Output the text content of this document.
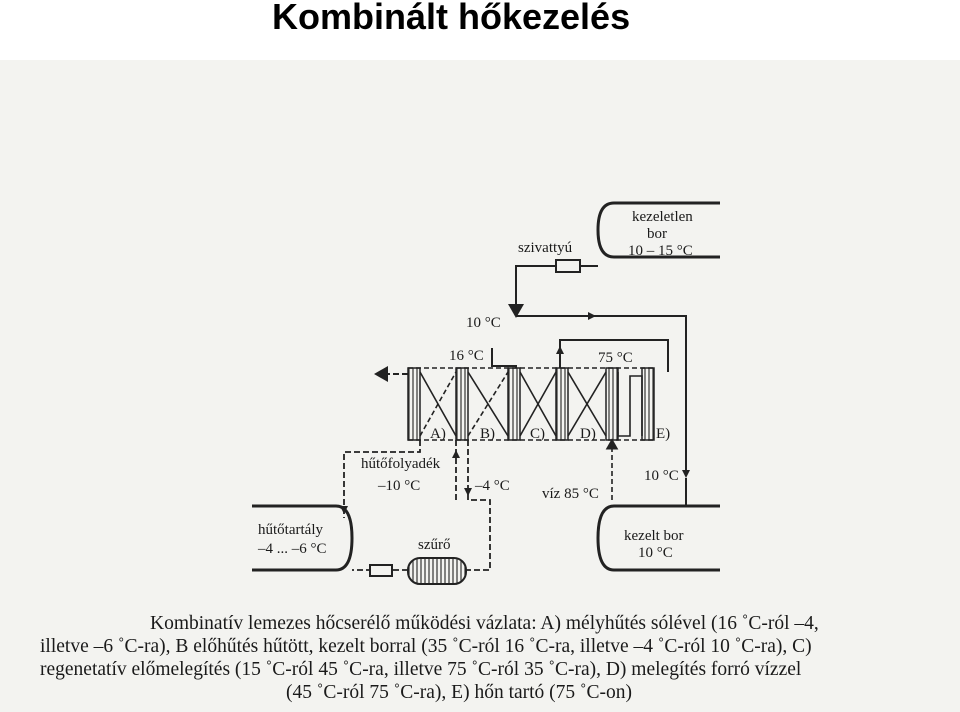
Kombinált hőkezelés
kezeletlen
bor
10 – 15 °C
szivattyú
10 °C
16 °C	75 °C
A) B) C) D)	E)
hűtőfolyadék
–10 °C	–4 °C víz 85 °C
10 °C
hűtőtartály
–4 ... –6 °C	szűrő
kezelt bor
10 °C
Kombinatív lemezes hőcserélő működési vázlata: A) mélyhűtés sólével (16 ˚C-ról –4,
illetve –6 ˚C-ra), B előhűtés hűtött, kezelt borral (35 ˚C-ról 16 ˚C-ra, illetve –4 ˚C-ról 10 ˚C-ra), C)
regenetatív előmelegítés (15 ˚C-ról 45 ˚C-ra, illetve 75 ˚C-ról 35 ˚C-ra), D) melegítés forró vízzel
(45 ˚C-ról 75 ˚C-ra), E) hőn tartó (75 ˚C-on)
